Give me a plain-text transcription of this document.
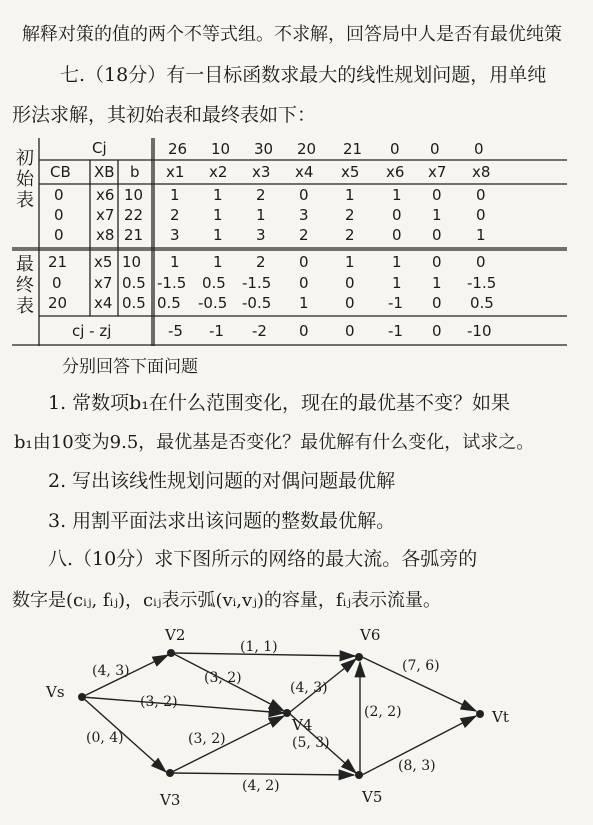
解释对策的值的两个不等式组。不求解，回答局中人是否有最优纯策
七.（18分）有一目标函数求最大的线性规划问题，用单纯
形法求解，其初始表和最终表如下：
初始表
最终表
Cj	26 10 30 20 21 0 0 0
CB XB b x1 x2 x3 x4 x5 x6 x7 x8
0 x6 10 1 1 2 0 1 1 0 0
0 x7 22 2 1 1 3 2 0 1 0
0 x8 21 3 1 3 2 2 0 0 1
21 x5 10 1 1 2 0 1 1 0 0
0 x7 0.5 -1.5 0.5 -1.5 0 0 1 1 -1.5
20 x4 0.5 0.5 -0.5 -0.5 1 0 -1 0 0.5
cj - zj	-5 -1 -2 0 0 -1 0 -10
分别回答下面问题
1. 常数项b₁在什么范围变化，现在的最优基不变？如果
b₁由10变为9.5，最优基是否变化？最优解有什么变化，试求之。
2. 写出该线性规划问题的对偶问题最优解
3. 用割平面法求出该问题的整数最优解。
八.（10分）求下图所示的网络的最大流。各弧旁的
数字是(cᵢⱼ, fᵢⱼ)，cᵢⱼ表示弧(vᵢ,vⱼ)的容量，fᵢⱼ表示流量。
Vs
V2
V3
V4
V6
Vt
V5
(4, 3)
(3, 2)
(0, 4)
(1, 1)
(3, 2)
(3, 2)
(4, 3)
(5, 3)
(4, 2)
(2, 2)
(7, 6)
(8, 3)
